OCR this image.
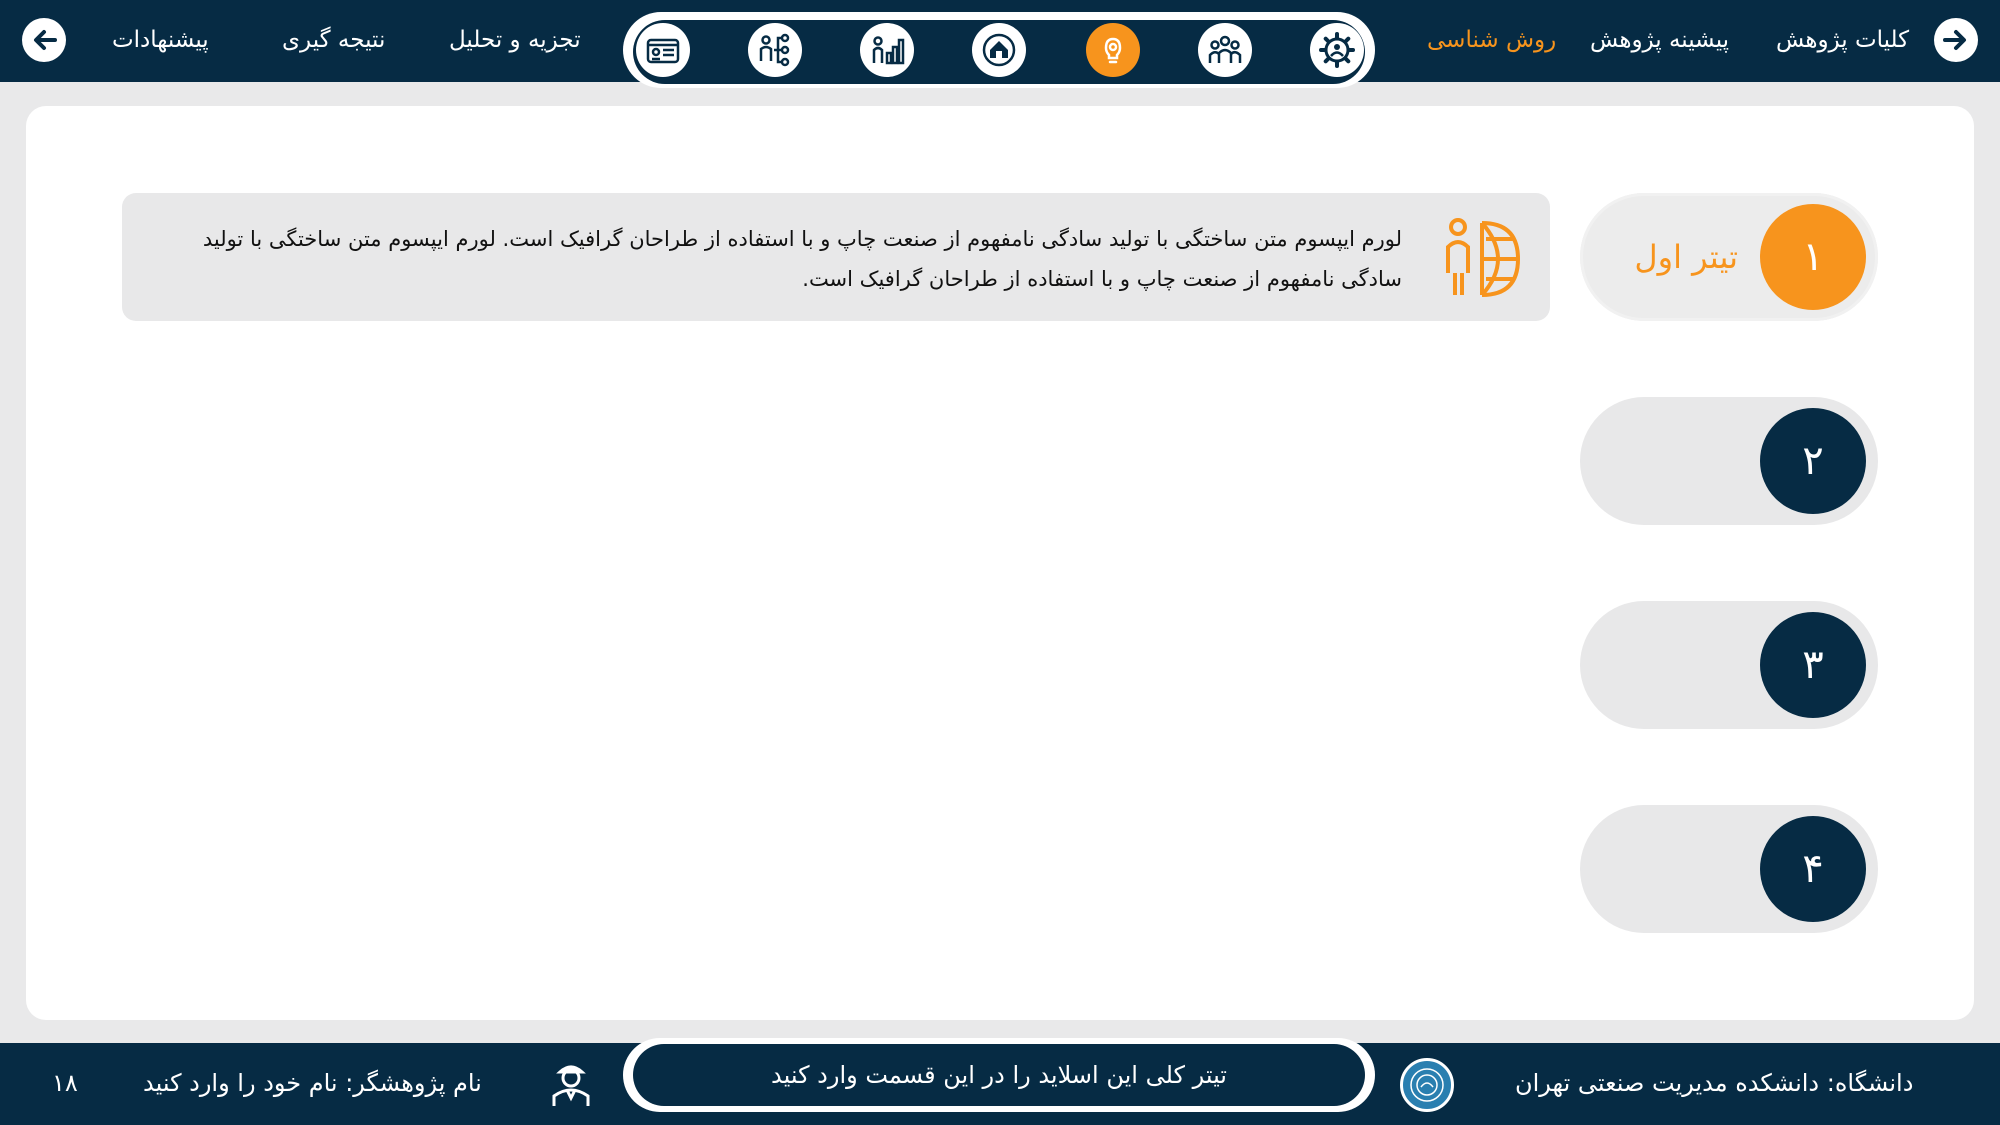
کلیات پژوهش
پیشینه پژوهش
روش شناسی
تجزیه و تحلیل
نتیجه گیری
پیشنهادات
لورم ایپسوم متن ساختگی با تولید سادگی نامفهوم از صنعت چاپ و با استفاده از طراحان گرافیک است. لورم ایپسوم متن ساختگی با تولید سادگی نامفهوم از صنعت چاپ و با استفاده از طراحان گرافیک است.	۱
تیتر اول
۲
۳
۴
دانشگاه: دانشکده مدیریت صنعتی تهران
تیتر کلی این اسلاید را در این قسمت وارد کنید
نام پژوهشگر: نام خود را وارد کنید
۱۸
